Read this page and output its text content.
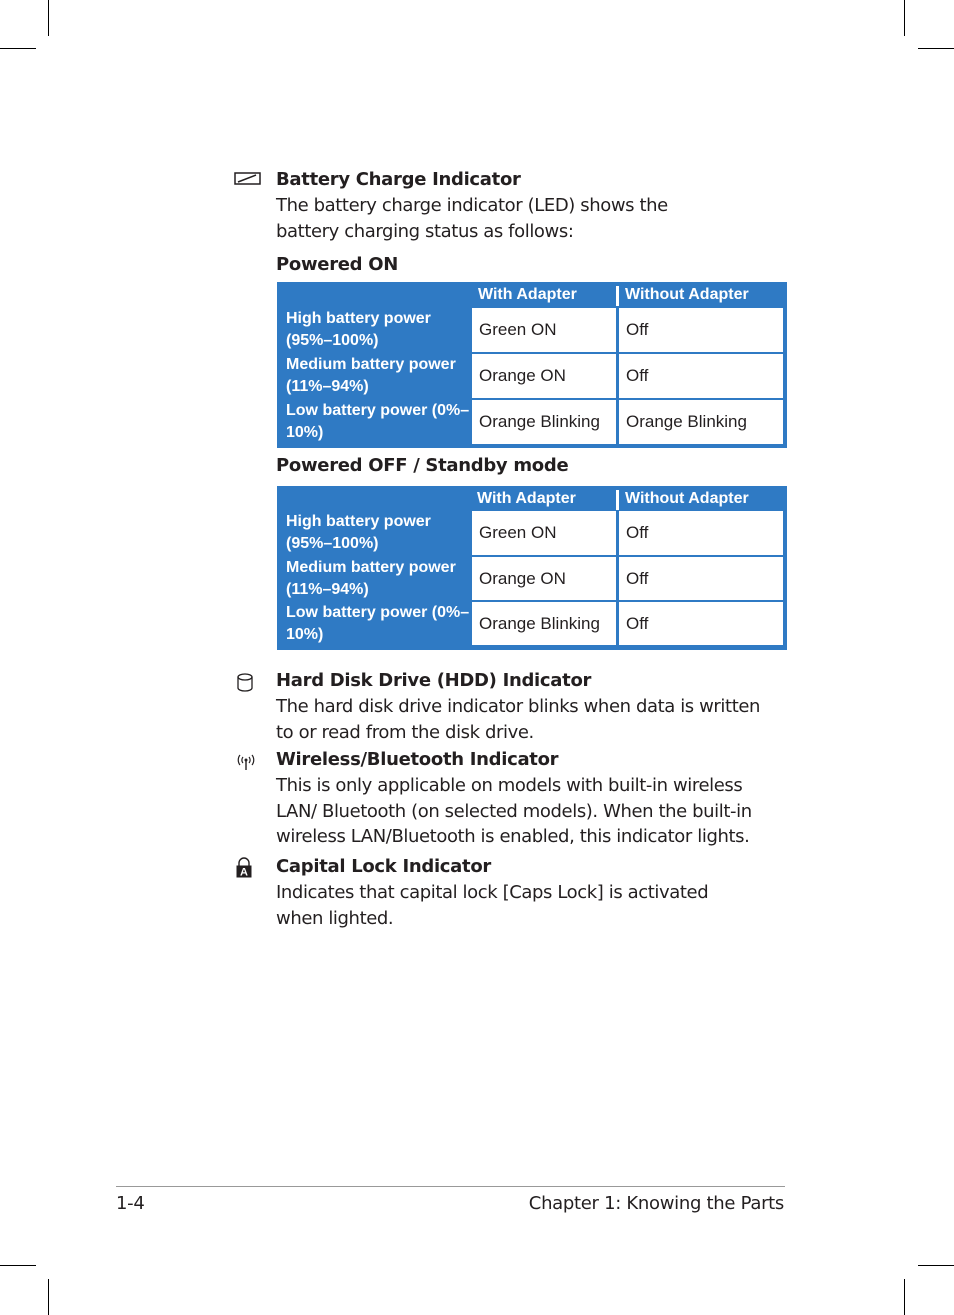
Battery Charge Indicator
The battery charge indicator (LED) shows the battery charging status as follows:
Powered ON
With Adapter	Without Adapter
High battery power (95%–100%)
Green ON	Off
Medium battery power (11%–94%)
Orange ON	Off
Low battery power (0%–10%)
Orange Blinking	Orange Blinking
Powered OFF / Standby mode
With Adapter	Without Adapter
High battery power (95%–100%)
Green ON	Off
Medium battery power (11%–94%)
Orange ON	Off
Low battery power (0%–10%)
Orange Blinking	Off
Hard Disk Drive (HDD) Indicator
The hard disk drive indicator blinks when data is written to or read from the disk drive.
Wireless/Bluetooth Indicator
This is only applicable on models with built-in wireless LAN/ Bluetooth (on selected models). When the built-in wireless LAN/Bluetooth is enabled, this indicator lights.
A Capital Lock Indicator
Indicates that capital lock [Caps Lock] is activated when lighted.
1-4	Chapter 1: Knowing the Parts
